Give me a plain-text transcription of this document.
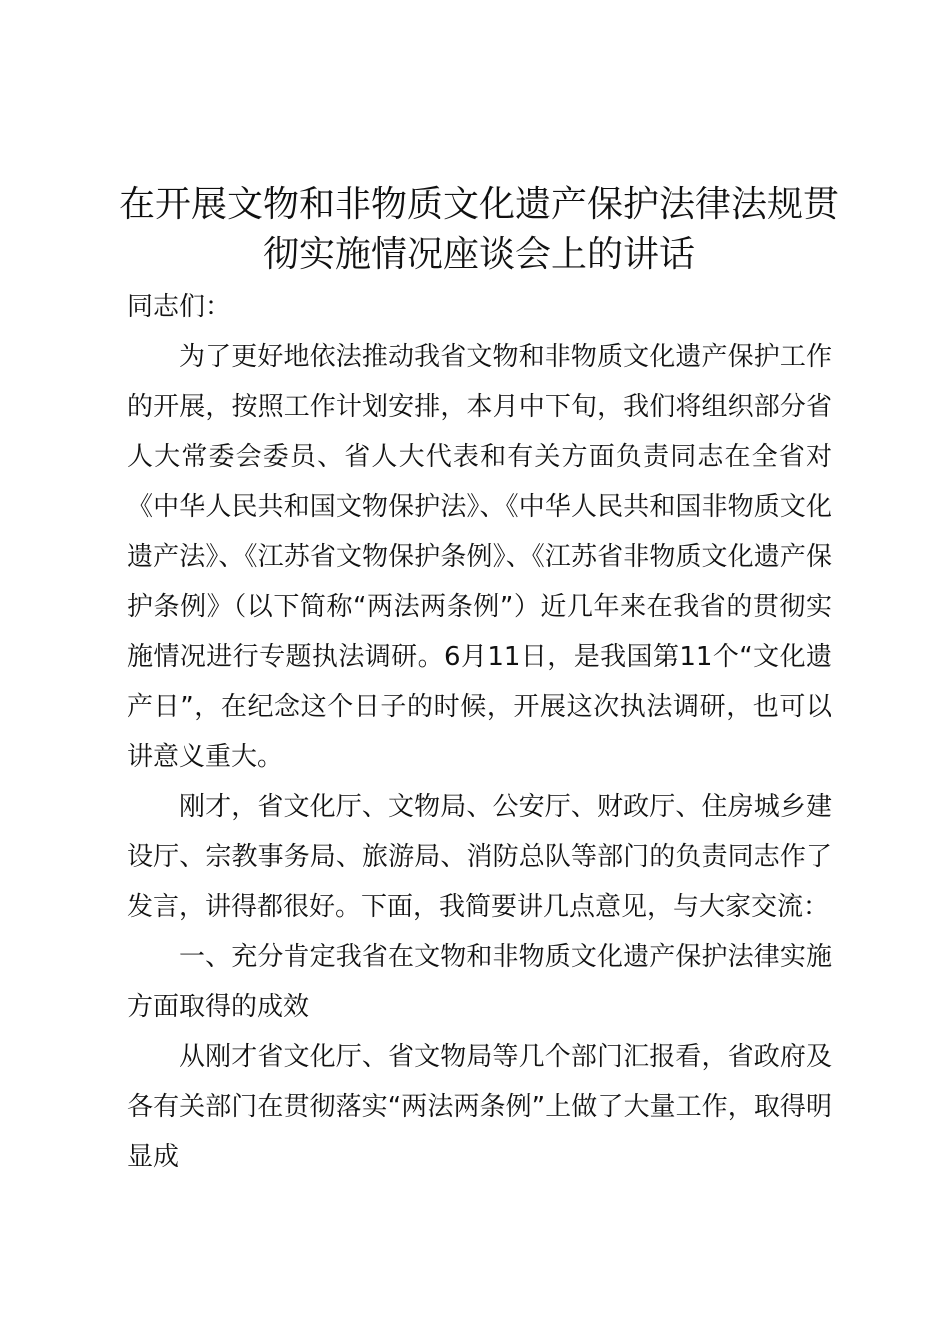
在开展文物和非物质文化遗产保护法律法规贯彻实施情况座谈会上的讲话

同志们：

为了更好地依法推动我省文物和非物质文化遗产保护工作的开展，按照工作计划安排，本月中下旬，我们将组织部分省人大常委会委员、省人大代表和有关方面负责同志在全省对《中华人民共和国文物保护法》、《中华人民共和国非物质文化遗产法》、《江苏省文物保护条例》、《江苏省非物质文化遗产保护条例》（以下简称“两法两条例”）近几年来在我省的贯彻实施情况进行专题执法调研。6月11日，是我国第11个“文化遗产日”，在纪念这个日子的时候，开展这次执法调研，也可以讲意义重大。

刚才，省文化厅、文物局、公安厅、财政厅、住房城乡建设厅、宗教事务局、旅游局、消防总队等部门的负责同志作了发言，讲得都很好。下面，我简要讲几点意见，与大家交流：

一、充分肯定我省在文物和非物质文化遗产保护法律实施方面取得的成效

从刚才省文化厅、省文物局等几个部门汇报看，省政府及各有关部门在贯彻落实“两法两条例”上做了大量工作，取得明显成
